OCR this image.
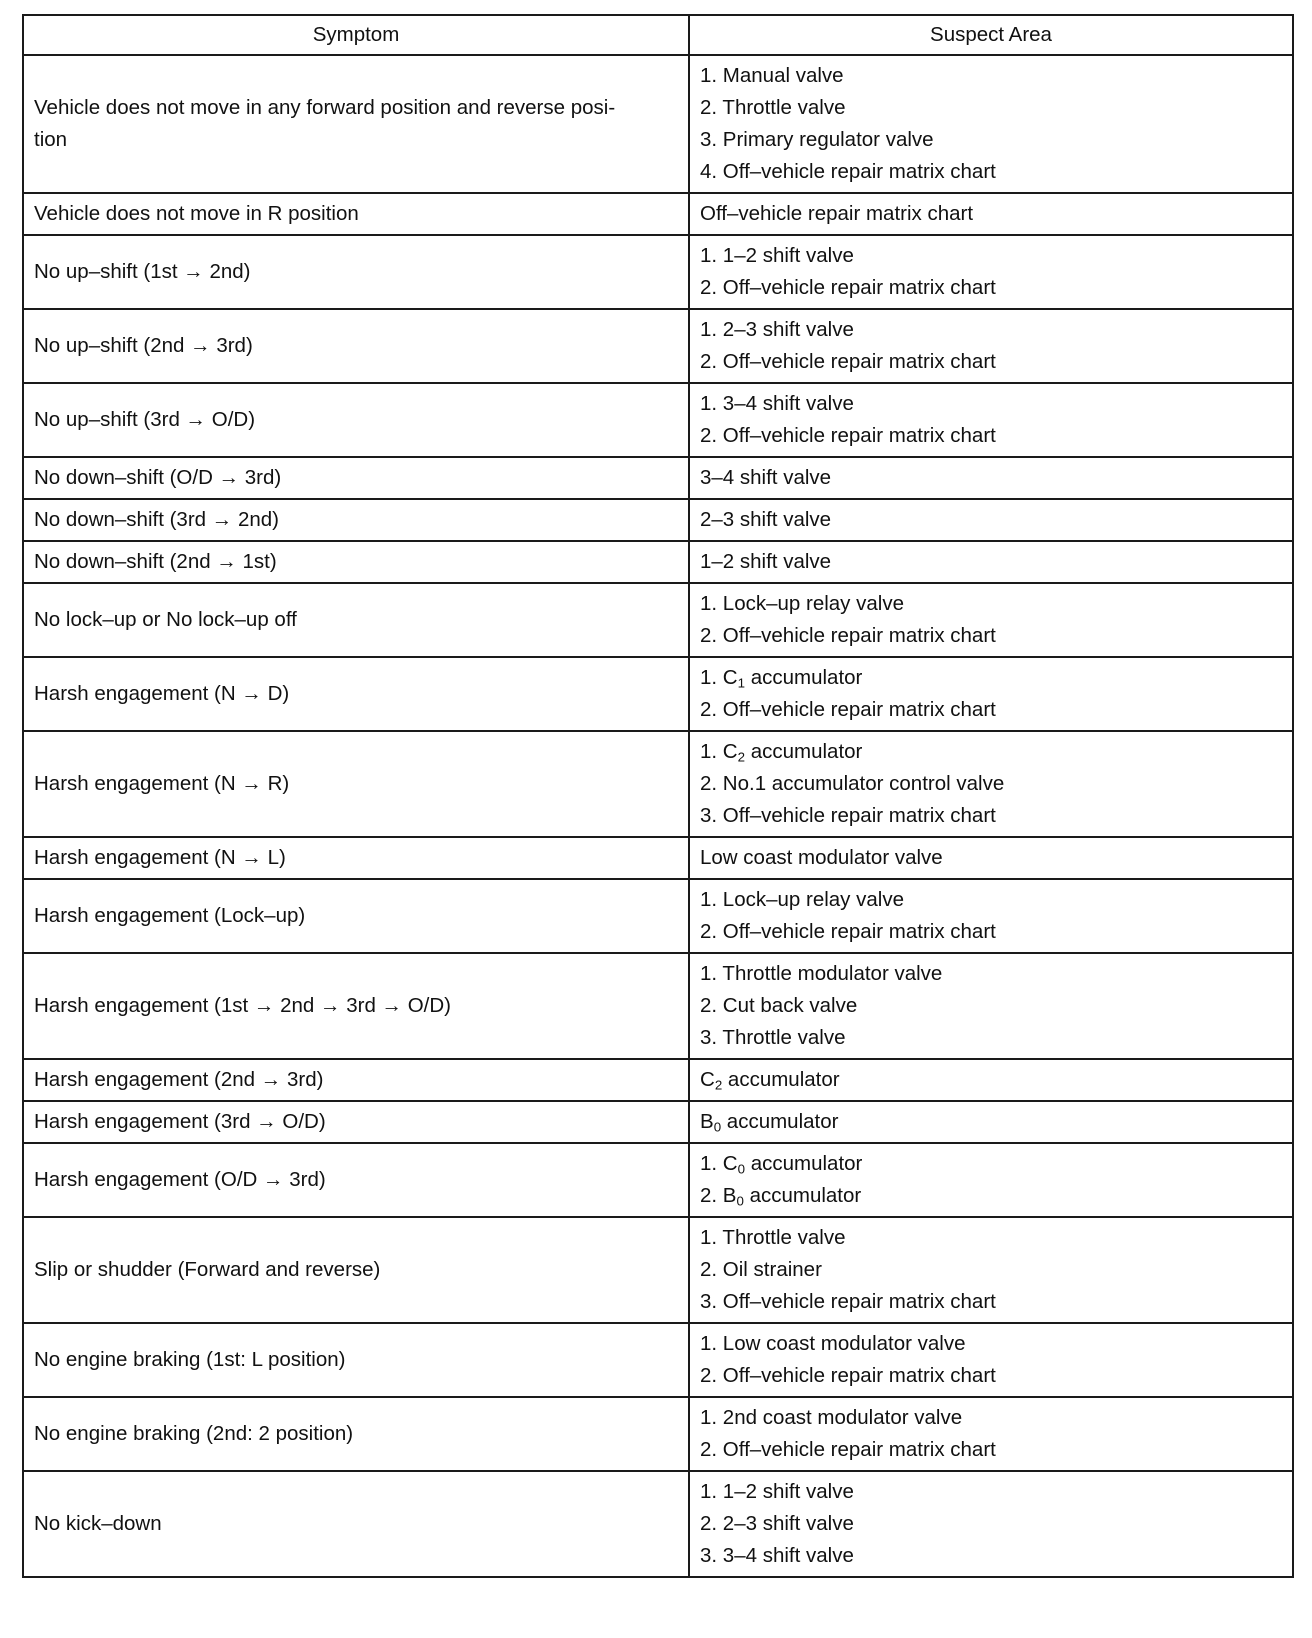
Symptom	Suspect Area

Vehicle does not move in any forward position and reverse posi-
tion	1. Manual valve
2. Throttle valve
3. Primary regulator valve
4. Off–vehicle repair matrix chart

Vehicle does not move in R position	Off–vehicle repair matrix chart

No up–shift (1st → 2nd)	1. 1–2 shift valve
2. Off–vehicle repair matrix chart

No up–shift (2nd → 3rd)	1. 2–3 shift valve
2. Off–vehicle repair matrix chart

No up–shift (3rd → O/D)	1. 3–4 shift valve
2. Off–vehicle repair matrix chart

No down–shift (O/D → 3rd)	3–4 shift valve

No down–shift (3rd → 2nd)	2–3 shift valve

No down–shift (2nd → 1st)	1–2 shift valve

No lock–up or No lock–up off	1. Lock–up relay valve
2. Off–vehicle repair matrix chart

Harsh engagement (N → D)	1. $C_1$ accumulator
2. Off–vehicle repair matrix chart

Harsh engagement (N → R)	1. $C_2$ accumulator
2. No.1 accumulator control valve
3. Off–vehicle repair matrix chart

Harsh engagement (N → L)	Low coast modulator valve

Harsh engagement (Lock–up)	1. Lock–up relay valve
2. Off–vehicle repair matrix chart

Harsh engagement (1st → 2nd → 3rd → O/D)	1. Throttle modulator valve
2. Cut back valve
3. Throttle valve

Harsh engagement (2nd → 3rd)	$C_2$ accumulator

Harsh engagement (3rd → O/D)	$B_0$ accumulator

Harsh engagement (O/D → 3rd)	1. $C_0$ accumulator
2. $B_0$ accumulator

Slip or shudder (Forward and reverse)	1. Throttle valve
2. Oil strainer
3. Off–vehicle repair matrix chart

No engine braking (1st: L position)	1. Low coast modulator valve
2. Off–vehicle repair matrix chart

No engine braking (2nd: 2 position)	1. 2nd coast modulator valve
2. Off–vehicle repair matrix chart

No kick–down	1. 1–2 shift valve
2. 2–3 shift valve
3. 3–4 shift valve
